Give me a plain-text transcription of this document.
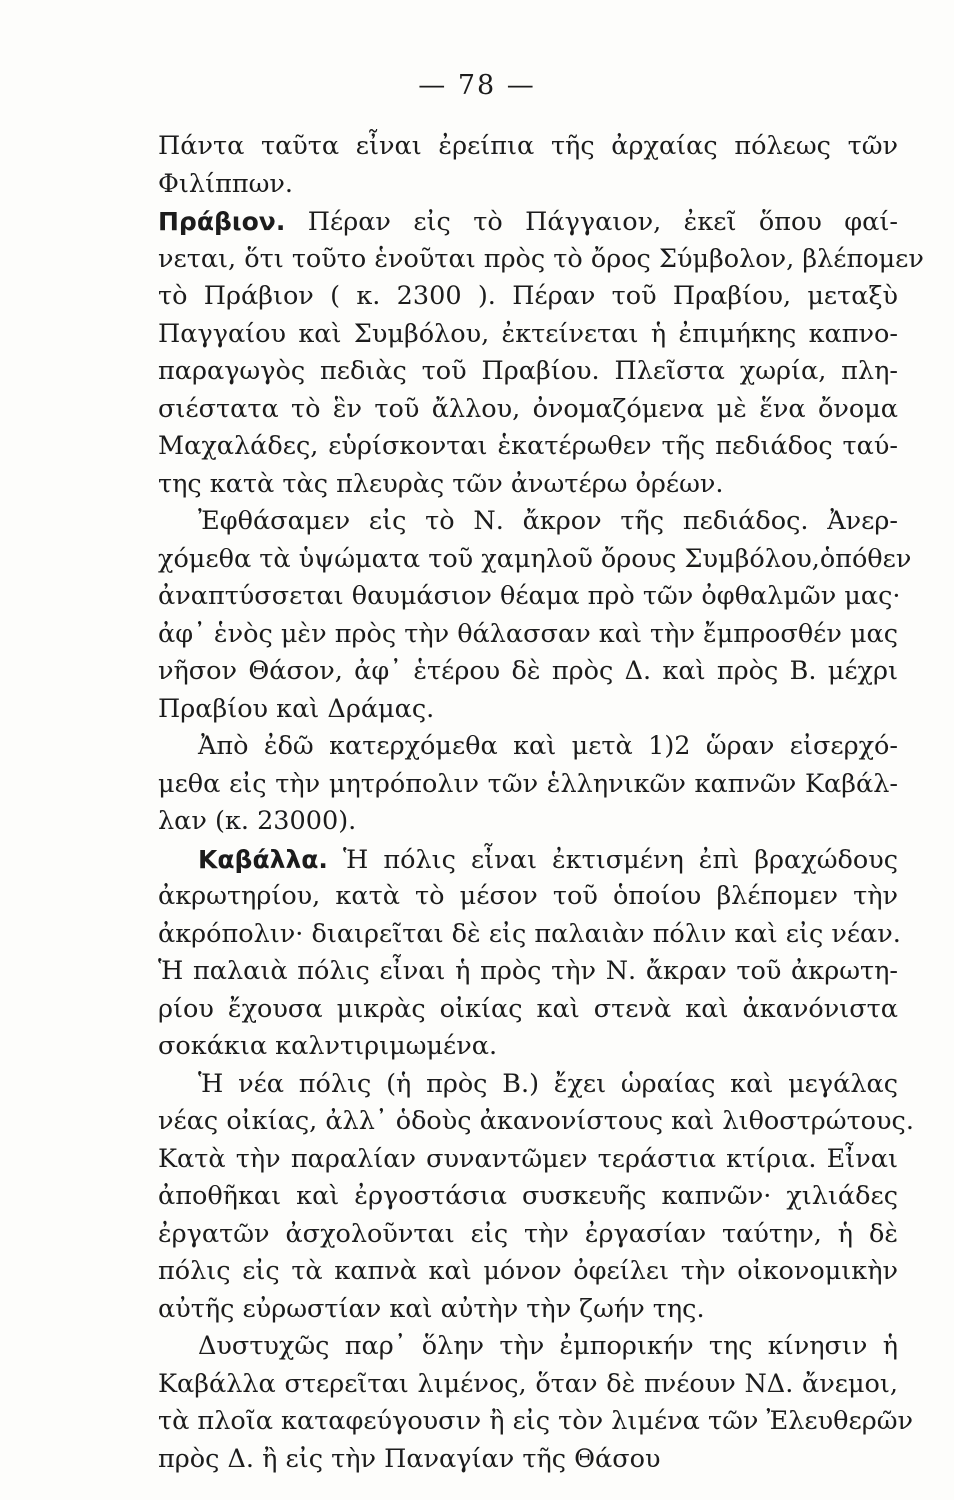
— 78 —
Πάντα ταῦτα εἶναι ἐρείπια τῆς ἀρχαίας πόλεως τῶν
Φιλίππων.
Πράβιον. Πέραν εἰς τὸ Πάγγαιον, ἐκεῖ ὅπου φαί-
νεται, ὅτι τοῦτο ἑνοῦται πρὸς τὸ ὄρος Σύμβολον, βλέπομεν
τὸ Πράβιον ( κ. 2300 ). Πέραν τοῦ Πραβίου, μεταξὺ
Παγγαίου καὶ Συμβόλου, ἐκτείνεται ἡ ἐπιμήκης καπνο-
παραγωγὸς πεδιὰς τοῦ Πραβίου. Πλεῖστα χωρία, πλη-
σιέστατα τὸ ἓν τοῦ ἄλλου, ὀνομαζόμενα μὲ ἕνα ὄνομα
Μαχαλάδες, εὑρίσκονται ἑκατέρωθεν τῆς πεδιάδος ταύ-
της κατὰ τὰς πλευρὰς τῶν ἀνωτέρω ὀρέων.
Ἐφθάσαμεν εἰς τὸ Ν. ἄκρον τῆς πεδιάδος. Ἀνερ-
χόμεθα τὰ ὑψώματα τοῦ χαμηλοῦ ὄρους Συμβόλου,ὁπόθεν
ἀναπτύσσεται θαυμάσιον θέαμα πρὸ τῶν ὀφθαλμῶν μας·
ἀφ᾽ ἑνὸς μὲν πρὸς τὴν θάλασσαν καὶ τὴν ἔμπροσθέν μας
νῆσον Θάσον, ἀφ᾽ ἑτέρου δὲ πρὸς Δ. καὶ πρὸς Β. μέχρι
Πραβίου καὶ Δράμας.
Ἀπὸ ἐδῶ κατερχόμεθα καὶ μετὰ 1)2 ὥραν εἰσερχό-
μεθα εἰς τὴν μητρόπολιν τῶν ἑλληνικῶν καπνῶν Καβάλ-
λαν (κ. 23000).
Καβάλλα. Ἡ πόλις εἶναι ἐκτισμένη ἐπὶ βραχώδους
ἀκρωτηρίου, κατὰ τὸ μέσον τοῦ ὁποίου βλέπομεν τὴν
ἀκρόπολιν· διαιρεῖται δὲ εἰς παλαιὰν πόλιν καὶ εἰς νέαν.
Ἡ παλαιὰ πόλις εἶναι ἡ πρὸς τὴν Ν. ἄκραν τοῦ ἀκρωτη-
ρίου ἔχουσα μικρὰς οἰκίας καὶ στενὰ καὶ ἀκανόνιστα
σοκάκια καλντιριμωμένα.
Ἡ νέα πόλις (ἡ πρὸς Β.) ἔχει ὡραίας καὶ μεγάλας
νέας οἰκίας, ἀλλ᾽ ὁδοὺς ἀκανονίστους καὶ λιθοστρώτους.
Κατὰ τὴν παραλίαν συναντῶμεν τεράστια κτίρια. Εἶναι
ἀποθῆκαι καὶ ἐργοστάσια συσκευῆς καπνῶν· χιλιάδες
ἐργατῶν ἀσχολοῦνται εἰς τὴν ἐργασίαν ταύτην, ἡ δὲ
πόλις εἰς τὰ καπνὰ καὶ μόνον ὀφείλει τὴν οἰκονομικὴν
αὐτῆς εὐρωστίαν καὶ αὐτὴν τὴν ζωήν της.
Δυστυχῶς παρ᾽ ὅλην τὴν ἐμπορικήν της κίνησιν ἡ
Καβάλλα στερεῖται λιμένος, ὅταν δὲ πνέουν ΝΔ. ἄνεμοι,
τὰ πλοῖα καταφεύγουσιν ἢ εἰς τὸν λιμένα τῶν Ἐλευθερῶν
πρὸς Δ. ἢ εἰς τὴν Παναγίαν τῆς Θάσου
